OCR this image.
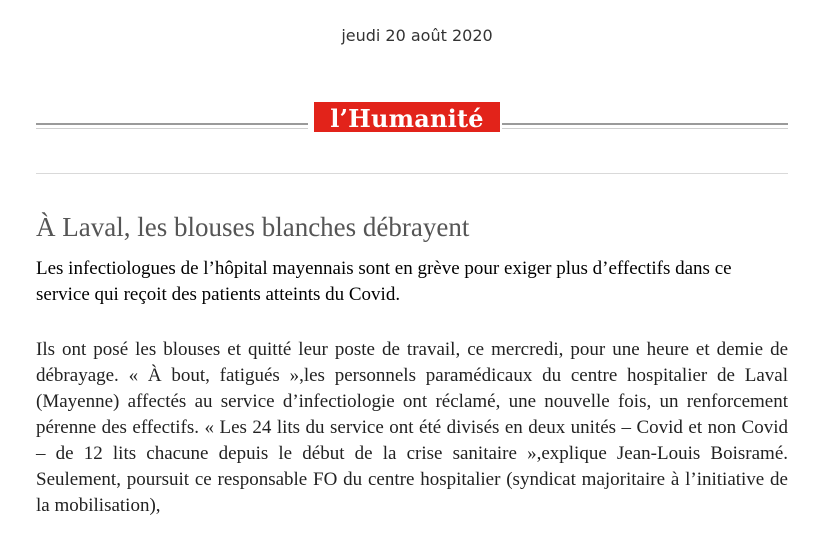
jeudi 20 août 2020
l’Humanité
À Laval, les blouses blanches débrayent

Les infectiologues de l’hôpital mayennais sont en grève pour exiger plus d’effectifs dans ce service qui reçoit des patients atteints du Covid.

Ils ont posé les blouses et quitté leur poste de travail, ce mercredi, pour une heure et demie de débrayage. « À bout, fatigués »,les personnels paramédicaux du centre hospitalier de Laval (Mayenne) affectés au service d’infectiologie ont réclamé, une nouvelle fois, un renforcement pérenne des effectifs. « Les 24 lits du service ont été divisés en deux unités – Covid et non Covid – de 12 lits chacune depuis le début de la crise sanitaire »,explique Jean-Louis Boisramé. Seulement, poursuit ce responsable FO du centre hospitalier (syndicat majoritaire à l’initiative de la mobilisation),
